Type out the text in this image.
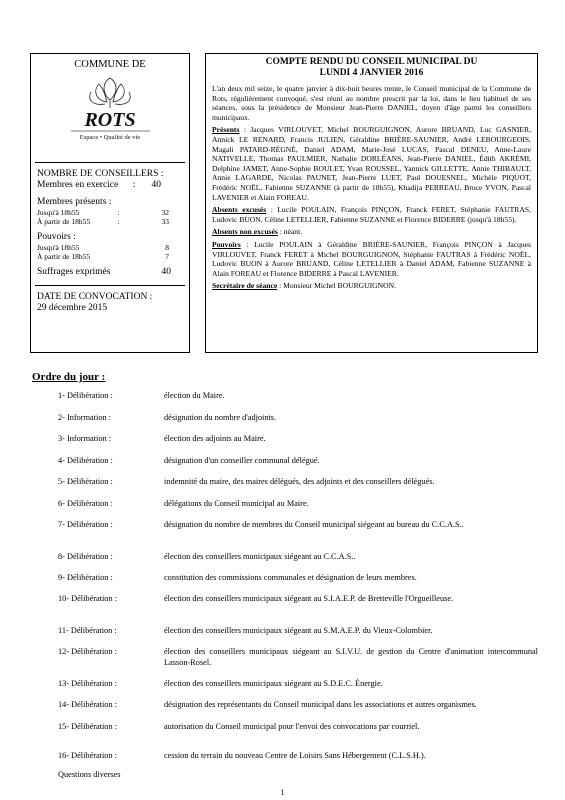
COMMUNE DE
ROTS
Espace • Qualité de vie
NOMBRE DE CONSEILLERS :
Membres en exercice : 40
Membres présents :
Jusqu'à 18h55	:	32
À partir de 18h55	:	33
Pouvoirs :
Jusqu'à 18h55	8
À partir de 18h55	7
Suffrages exprimés	40
DATE DE CONVOCATION :
29 décembre 2015
COMPTE RENDU DU CONSEIL MUNICIPAL DU
LUNDI 4 JANVIER 2016

L'an deux mil seize, le quatre janvier à dix-huit heures trente, le Conseil municipal de la Commune de Rots, régulièrement convoqué, s'est réuni au nombre prescrit par la loi, dans le lieu habituel de ses séances, sous la présidence de Monsieur Jean-Pierre DANIEL, doyen d'âge parmi les conseillers municipaux.

Présents : Jacques VIRLOUVET, Michel BOURGUIGNON, Aurore BRUAND, Luc GASNIER, Annick LE RENARD, Francis JULIEN, Géraldine BRIÈRE-SAUNIER, André LEBOURGEOIS, Magali PATARD-RÉGNÉ, Daniel ADAM, Marie-José LUCAS, Pascal DENEU, Anne-Laure NATIVELLE, Thomas PAULMIER, Nathalie DORLÉANS, Jean-Pierre DANIEL, Édith AKRÉMI, Delphine JAMET, Anne-Sophie BOULET, Yvan ROUSSEL, Yannick GILLETTE, Annie THIBAULT, Annie LAGARDE, Nicolas PAUNET, Jean-Pierre LUET, Paul DOUESNEL, Michèle PIQUOT, Frédéric NOËL, Fabienne SUZANNE (à partir de 18h55), Khadija PERREAU, Bruce YVON, Pascal LAVENIER et Alain FOREAU.

Absents excusés : Lucile POULAIN, François PINÇON, Franck FERET, Stéphanie FAUTRAS, Ludovic BUON, Céline LETELLIER, Fabienne SUZANNE et Florence BIDERRE (jusqu'à 18h55).

Absents non excusés : néant.

Pouvoirs : Lucile POULAIN à Géraldine BRIÈRE-SAUNIER, François PINÇON à Jacques VIRLOUVET, Franck FERET à Michel BOURGUIGNON, Stéphanie FAUTRAS à Frédéric NOËL, Ludovic BUON à Aurore BRUAND, Céline LETELLIER à Daniel ADAM, Fabienne SUZANNE à Alain FOREAU et Florence BIDERRE à Pascal LAVENIER.

Secrétaire de séance : Monsieur Michel BOURGUIGNON.

Ordre du jour :
1- Délibération :	élection du Maire.
2- Information :	désignation du nombre d'adjoints.
3- Information :	élection des adjoints au Maire.
4- Délibération :	désignation d'un conseiller communal délégué.
5- Délibération :	indemnité du maire, des maires délégués, des adjoints et des conseillers délégués.
6- Délibération :	délégations du Conseil municipal au Maire.
7- Délibération :	désignation du nombre de membres du Conseil municipal siégeant au bureau du C.C.A.S..
8- Délibération :	élection des conseillers municipaux siégeant au C.C.A.S..
9- Délibération :	constitution des commissions communales et désignation de leurs membres.
10- Délibération :	élection des conseillers municipaux siégeant au S.I.A.E.P. de Bretteville l'Orgueilleuse.
11- Délibération :	élection des conseillers municipaux siégeant au S.M.A.E.P. du Vieux-Colombier.
12- Délibération :	élection des conseillers municipaux siégeant au S.I.V.U. de gestion du Centre d'animation intercommunal Lasson-Rosel.
13- Délibération :	élection des conseillers municipaux siégeant au S.D.E.C. Énergie.
14- Délibération :	désignation des représentants du Conseil municipal dans les associations et autres organismes.
15- Délibération :	autorisation du Conseil municipal pour l'envoi des convocations par courriel.
16- Délibération :	cession du terrain du nouveau Centre de Loisirs Sans Hébergement (C.L.S.H.).
Questions diverses
1
